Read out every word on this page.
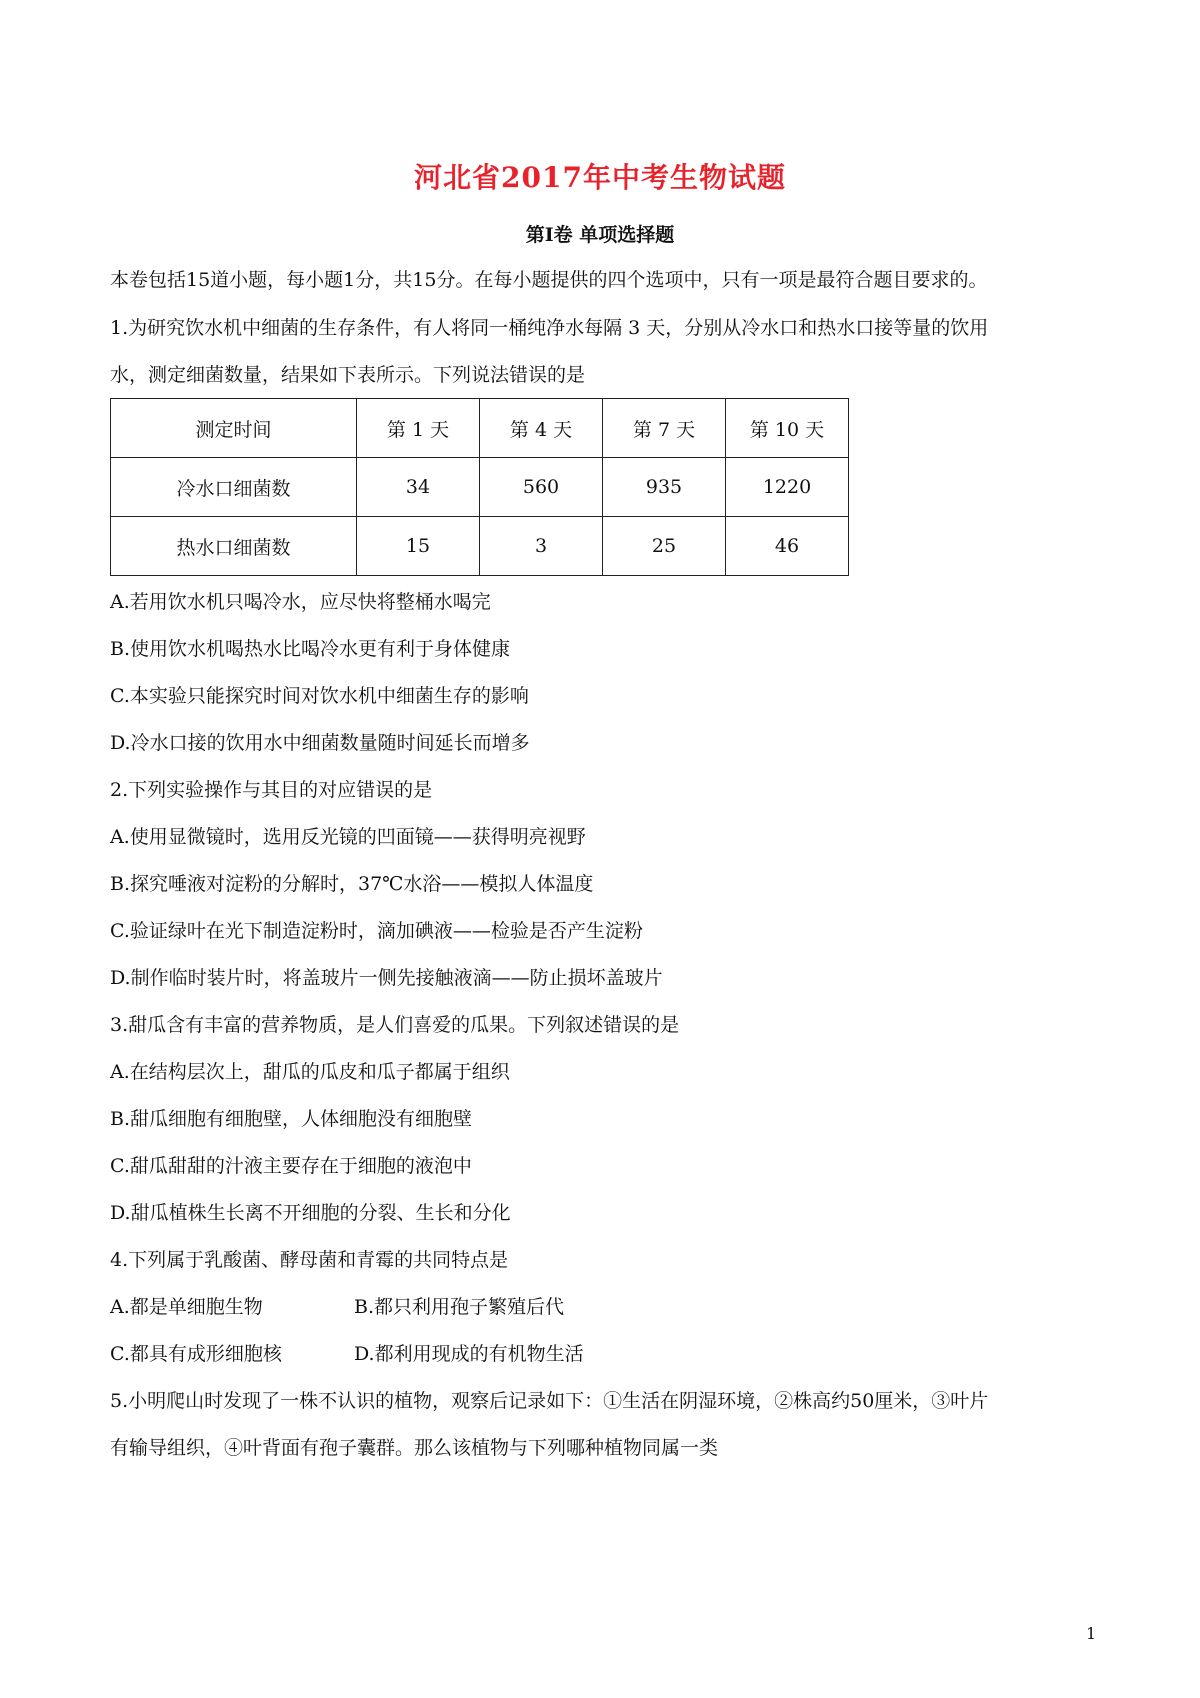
河北省2017年中考生物试题
第Ⅰ卷 单项选择题
本卷包括15道小题，每小题1分，共15分。在每小题提供的四个选项中，只有一项是最符合题目要求的。
1.为研究饮水机中细菌的生存条件，有人将同一桶纯净水每隔 3 天，分别从冷水口和热水口接等量的饮用
水，测定细菌数量，结果如下表所示。下列说法错误的是
测定时间	第 1 天	第 4 天	第 7 天	第 10 天
冷水口细菌数	34	560	935	1220
热水口细菌数	15	3	25	46
A.若用饮水机只喝冷水，应尽快将整桶水喝完
B.使用饮水机喝热水比喝冷水更有利于身体健康
C.本实验只能探究时间对饮水机中细菌生存的影响
D.冷水口接的饮用水中细菌数量随时间延长而增多
2.下列实验操作与其目的对应错误的是
A.使用显微镜时，选用反光镜的凹面镜——获得明亮视野
B.探究唾液对淀粉的分解时，37℃水浴——模拟人体温度
C.验证绿叶在光下制造淀粉时，滴加碘液——检验是否产生淀粉
D.制作临时装片时，将盖玻片一侧先接触液滴——防止损坏盖玻片
3.甜瓜含有丰富的营养物质，是人们喜爱的瓜果。下列叙述错误的是
A.在结构层次上，甜瓜的瓜皮和瓜子都属于组织
B.甜瓜细胞有细胞壁，人体细胞没有细胞壁
C.甜瓜甜甜的汁液主要存在于细胞的液泡中
D.甜瓜植株生长离不开细胞的分裂、生长和分化
4.下列属于乳酸菌、酵母菌和青霉的共同特点是
A.都是单细胞生物	B.都只利用孢子繁殖后代
C.都具有成形细胞核	D.都利用现成的有机物生活
5.小明爬山时发现了一株不认识的植物，观察后记录如下：①生活在阴湿环境，②株高约50厘米，③叶片
有输导组织，④叶背面有孢子囊群。那么该植物与下列哪种植物同属一类
1
